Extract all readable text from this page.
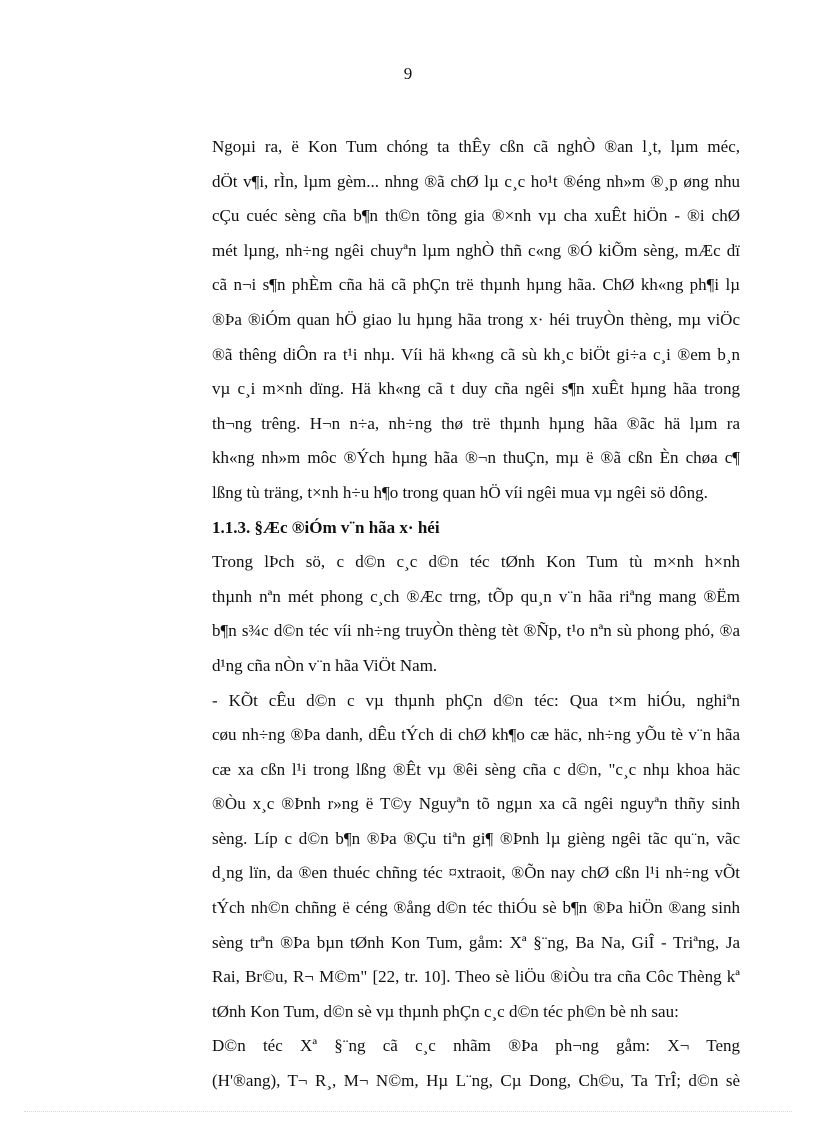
9

Ngoµi ra, ë Kon Tum chóng ta thÊy cßn cã nghÒ ®an l¸t, lµm méc,
dÖt v¶i, rÌn, lµm gèm... nhng ®ã chØ lµ c¸c ho¹t ®éng nh»m ®¸p øng nhu
cÇu cuéc sèng cña b¶n th©n tõng gia ®×nh vµ cha xuÊt hiÖn - ®i chØ
mét lµng, nh÷ng ngêi chuyªn lµm nghÒ thñ c«ng ®Ó kiÕm sèng, mÆc dï
cã n¬i s¶n phÈm cña hä cã phÇn trë thµnh hµng hãa. ChØ kh«ng ph¶i lµ
®Þa ®iÓm quan hÖ giao lu hµng hãa trong x· héi truyÒn thèng, mµ viÖc
®ã thêng diÔn ra t¹i nhµ. Víi hä kh«ng cã sù kh¸c biÖt gi÷a c¸i ®em b¸n
vµ c¸i m×nh dïng. Hä kh«ng cã t duy cña ngêi s¶n xuÊt hµng hãa trong
th¬ng trêng. H¬n n÷a, nh÷ng thø trë thµnh hµng hãa ®ãc hä lµm ra
kh«ng nh»m môc ®Ých hµng hãa ®¬n thuÇn, mµ ë ®ã cßn Èn chøa c¶
lßng tù träng, t×nh h÷u h¶o trong quan hÖ víi ngêi mua vµ ngêi sö dông.

1.1.3. §Æc ®iÓm v¨n hãa x· héi

Trong lÞch sö, c d©n c¸c d©n téc tØnh Kon Tum tù m×nh h×nh
thµnh nªn mét phong c¸ch ®Æc trng, tÕp qu¸n v¨n hãa riªng mang ®Ëm
b¶n s¾c d©n téc víi nh÷ng truyÒn thèng tèt ®Ñp, t¹o nªn sù phong phó, ®a
d¹ng cña nÒn v¨n hãa ViÖt Nam.

- KÕt cÊu d©n c vµ thµnh phÇn d©n téc: Qua t×m hiÓu, nghiªn
cøu nh÷ng ®Þa danh, dÊu tÝch di chØ kh¶o cæ häc, nh÷ng yÕu tè v¨n hãa
cæ xa cßn l¹i trong lßng ®Êt vµ ®êi sèng cña c d©n, "c¸c nhµ khoa häc
®Òu x¸c ®Þnh r»ng ë T©y Nguyªn tõ ngµn xa cã ngêi nguyªn thñy sinh
sèng. Líp c d©n b¶n ®Þa ®Çu tiªn gi¶ ®Þnh lµ gièng ngêi tãc qu¨n, vãc
d¸ng lïn, da ®en thuéc chñng téc ¤xtraoit, ®Õn nay chØ cßn l¹i nh÷ng vÕt
tÝch nh©n chñng ë céng ®ång d©n téc thiÓu sè b¶n ®Þa hiÖn ®ang sinh
sèng trªn ®Þa bµn tØnh Kon Tum, gåm: Xª §¨ng, Ba Na, GiÎ - Triªng, Ja
Rai, Br©u, R¬ M©m" [22, tr. 10]. Theo sè liÖu ®iÒu tra cña Côc Thèng kª
tØnh Kon Tum, d©n sè vµ thµnh phÇn c¸c d©n téc ph©n bè nh sau:

D©n téc Xª §¨ng cã c¸c nhãm ®Þa ph¬ng gåm: X¬ Teng
(H'®ang), T¬ R¸, M¬ N©m, Hµ L¨ng, Cµ Dong, Ch©u, Ta TrÎ; d©n sè
